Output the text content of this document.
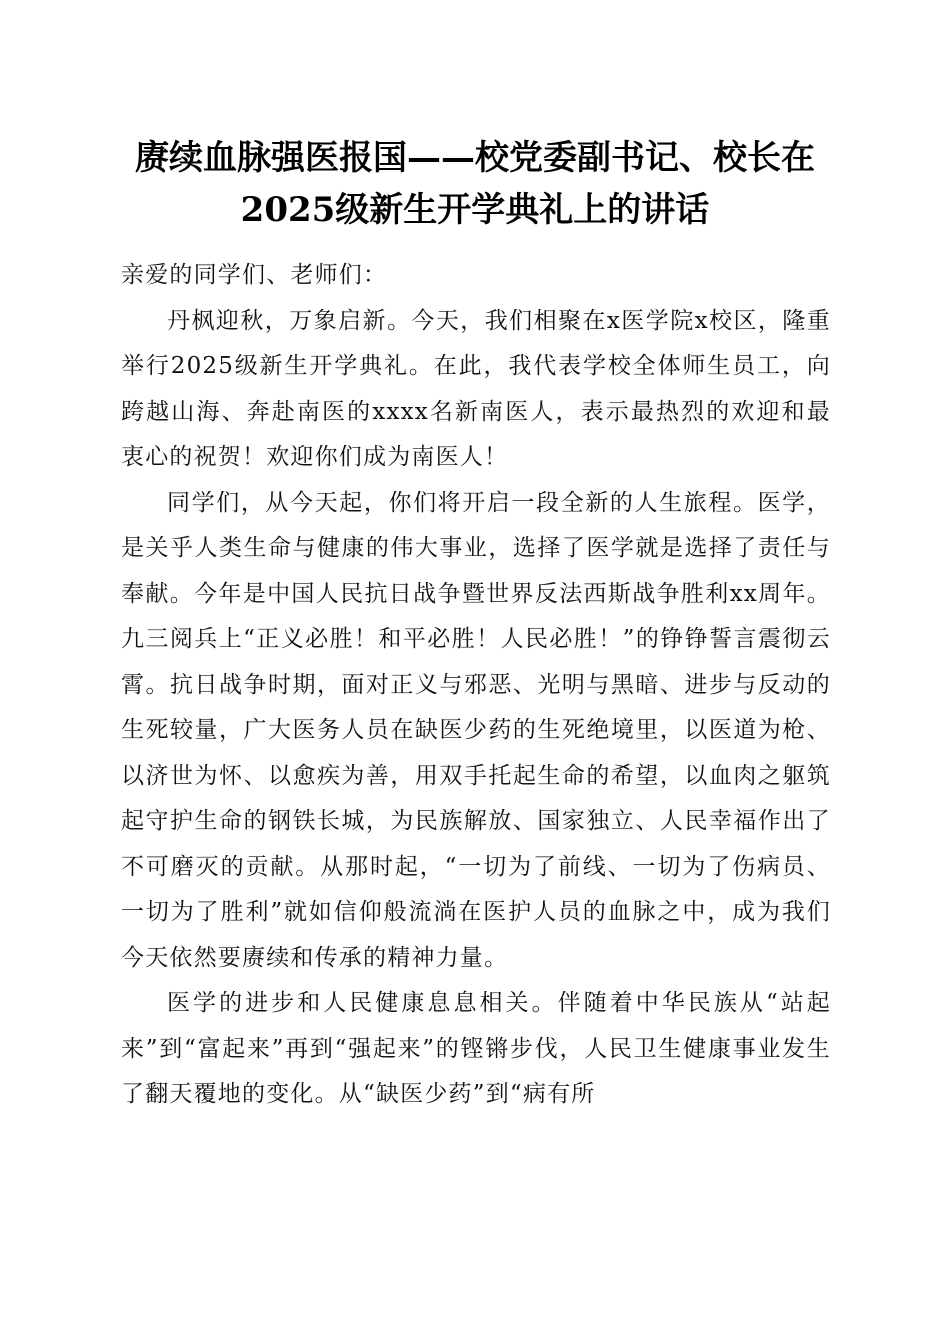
赓续血脉强医报国——校党委副书记、校长在
2025级新生开学典礼上的讲话

亲爱的同学们、老师们：

丹枫迎秋，万象启新。今天，我们相聚在x医学院x校区，隆重举行2025级新生开学典礼。在此，我代表学校全体师生员工，向跨越山海、奔赴南医的xxxx名新南医人，表示最热烈的欢迎和最衷心的祝贺！欢迎你们成为南医人！

同学们，从今天起，你们将开启一段全新的人生旅程。医学，是关乎人类生命与健康的伟大事业，选择了医学就是选择了责任与奉献。今年是中国人民抗日战争暨世界反法西斯战争胜利xx周年。九三阅兵上“正义必胜！和平必胜！人民必胜！”的铮铮誓言震彻云霄。抗日战争时期，面对正义与邪恶、光明与黑暗、进步与反动的生死较量，广大医务人员在缺医少药的生死绝境里，以医道为枪、以济世为怀、以愈疾为善，用双手托起生命的希望，以血肉之躯筑起守护生命的钢铁长城，为民族解放、国家独立、人民幸福作出了不可磨灭的贡献。从那时起，“一切为了前线、一切为了伤病员、一切为了胜利”就如信仰般流淌在医护人员的血脉之中，成为我们今天依然要赓续和传承的精神力量。

医学的进步和人民健康息息相关。伴随着中华民族从“站起来”到“富起来”再到“强起来”的铿锵步伐，人民卫生健康事业发生了翻天覆地的变化。从“缺医少药”到“病有所
